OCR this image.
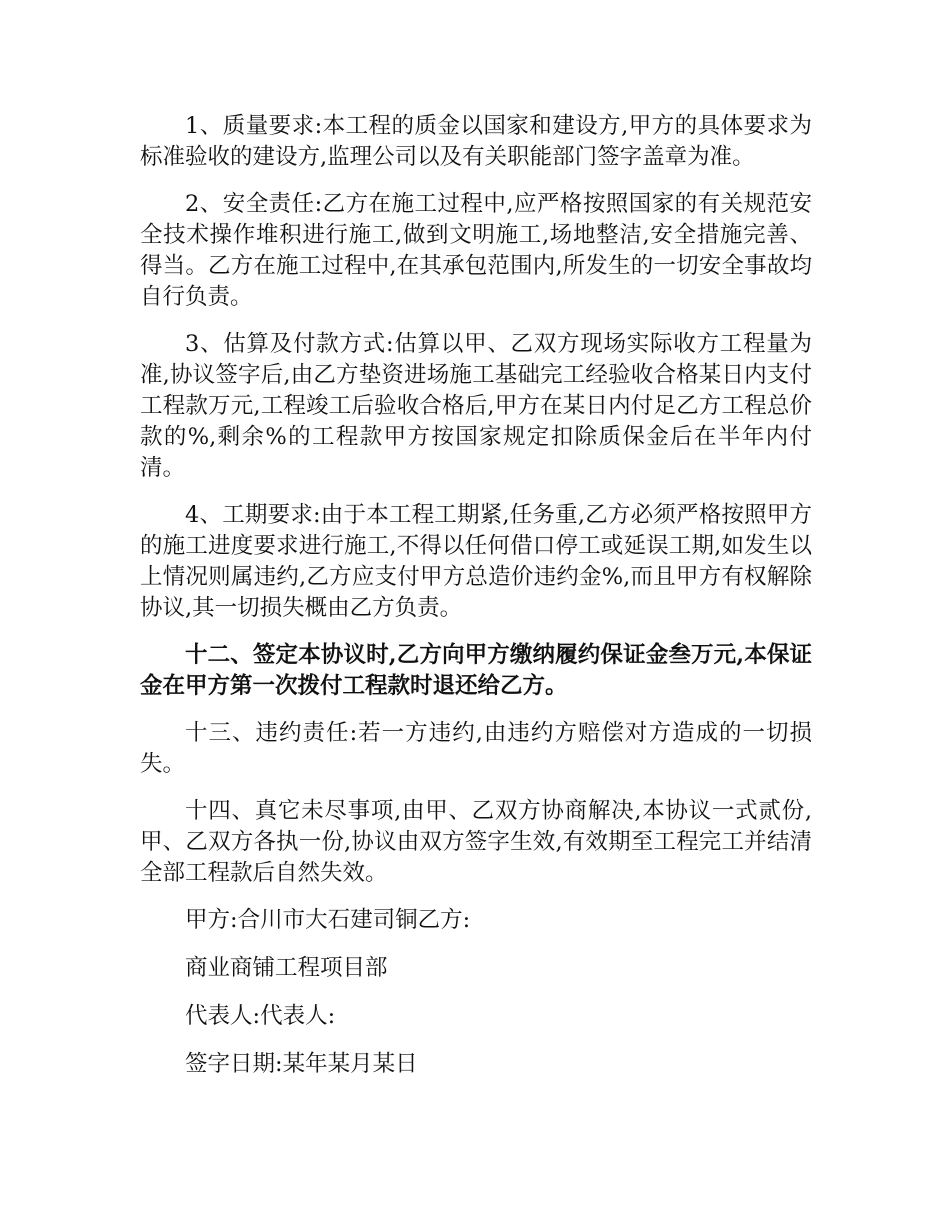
1、质量要求:本工程的质金以国家和建设方,甲方的具体要求为标准验收的建设方,监理公司以及有关职能部门签字盖章为准。

2、安全责任:乙方在施工过程中,应严格按照国家的有关规范安全技术操作堆积进行施工,做到文明施工,场地整洁,安全措施完善、得当。乙方在施工过程中,在其承包范围内,所发生的一切安全事故均自行负责。

3、估算及付款方式:估算以甲、乙双方现场实际收方工程量为准,协议签字后,由乙方垫资进场施工基础完工经验收合格某日内支付工程款万元,工程竣工后验收合格后,甲方在某日内付足乙方工程总价款的%,剩余%的工程款甲方按国家规定扣除质保金后在半年内付清。

4、工期要求:由于本工程工期紧,任务重,乙方必须严格按照甲方的施工进度要求进行施工,不得以任何借口停工或延误工期,如发生以上情况则属违约,乙方应支付甲方总造价违约金%,而且甲方有权解除协议,其一切损失概由乙方负责。

十二、签定本协议时,乙方向甲方缴纳履约保证金叁万元,本保证金在甲方第一次拨付工程款时退还给乙方。

十三、违约责任:若一方违约,由违约方赔偿对方造成的一切损失。

十四、真它未尽事项,由甲、乙双方协商解决,本协议一式贰份,甲、乙双方各执一份,协议由双方签字生效,有效期至工程完工并结清全部工程款后自然失效。

甲方:合川市大石建司铜乙方:

商业商铺工程项目部

代表人:代表人:

签字日期:某年某月某日
